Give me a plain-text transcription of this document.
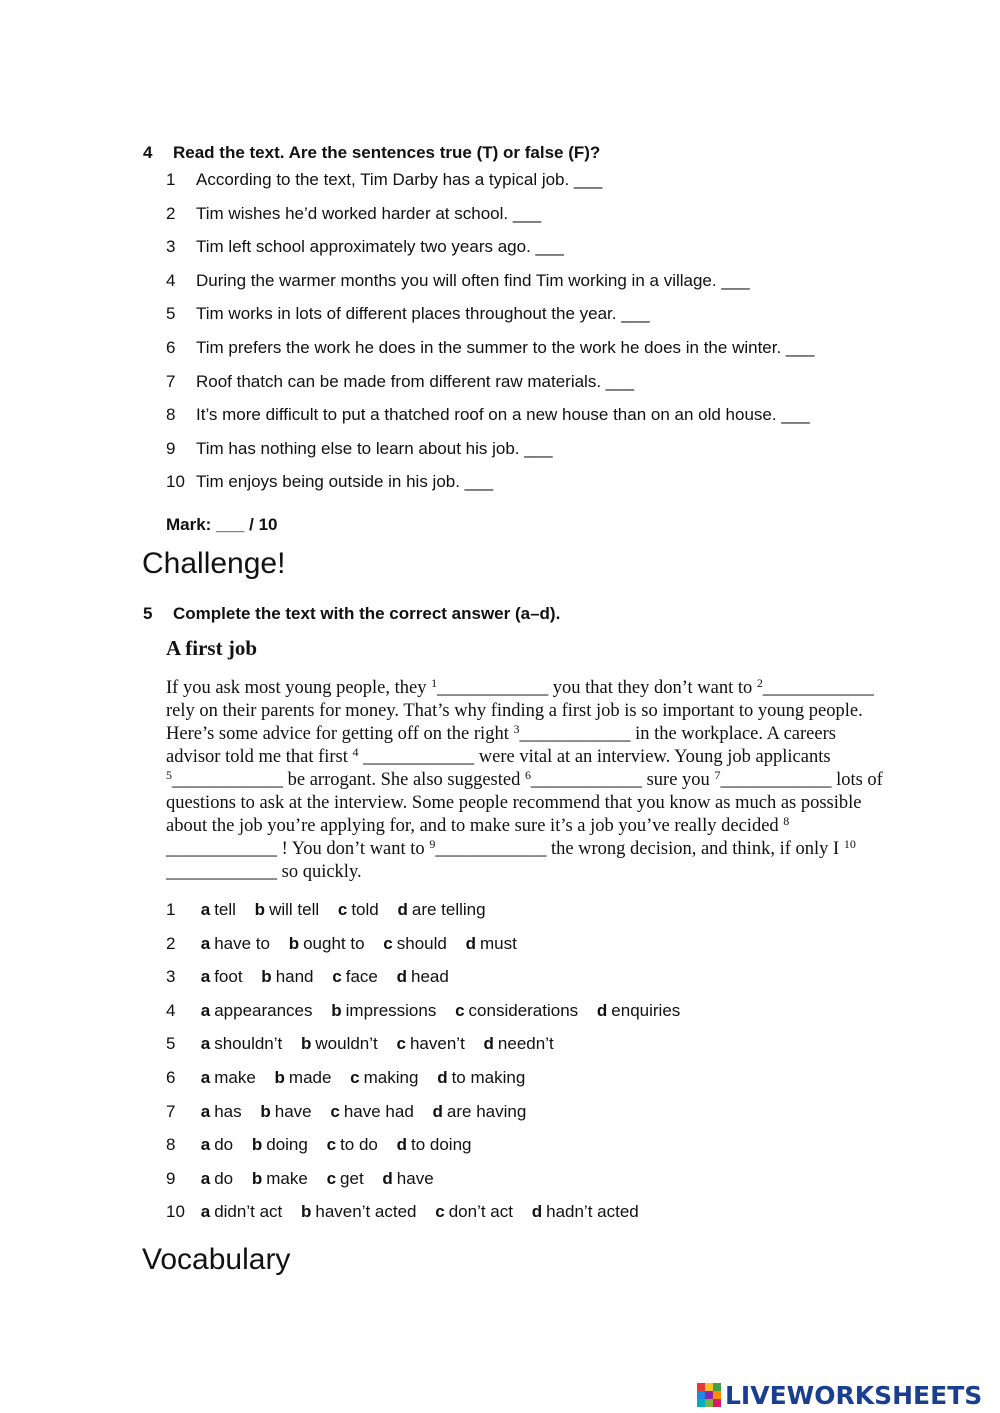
4 Read the text. Are the sentences true (T) or false (F)?
1 According to the text, Tim Darby has a typical job. ___
2 Tim wishes he’d worked harder at school. ___
3 Tim left school approximately two years ago. ___
4 During the warmer months you will often find Tim working in a village. ___
5 Tim works in lots of different places throughout the year. ___
6 Tim prefers the work he does in the summer to the work he does in the winter. ___
7 Roof thatch can be made from different raw materials. ___
8 It’s more difficult to put a thatched roof on a new house than on an old house. ___
9 Tim has nothing else to learn about his job. ___
10 Tim enjoys being outside in his job. ___
Mark: ___ / 10
Challenge!
5 Complete the text with the correct answer (a–d).
A first job
If you ask most young people, they $^1$____________ you that they don’t want to $^2$____________
rely on their parents for money. That’s why finding a first job is so important to young people.
Here’s some advice for getting off on the right $^3$____________ in the workplace. A careers
advisor told me that first $^4$ ____________ were vital at an interview. Young job applicants
$^5$____________ be arrogant. She also suggested $^6$____________ sure you $^7$____________ lots of
questions to ask at the interview. Some people recommend that you know as much as possible
about the job you’re applying for, and to make sure it’s a job you’ve really decided $^8$
____________ ! You don’t want to $^9$____________ the wrong decision, and think, if only I $^{10}$
____________ so quickly.
1 a tell b will tell c told d are telling
2 a have to b ought to c should d must
3 a foot b hand c face d head
4 a appearances b impressions c considerations d enquiries
5 a shouldn’t b wouldn’t c haven’t d needn’t
6 a make b made c making d to making
7 a has b have c have had d are having
8 a do b doing c to do d to doing
9 a do b make c get d have
10 a didn’t act b haven’t acted c don’t act d hadn’t acted
Vocabulary
LIVEWORKSHEETS
